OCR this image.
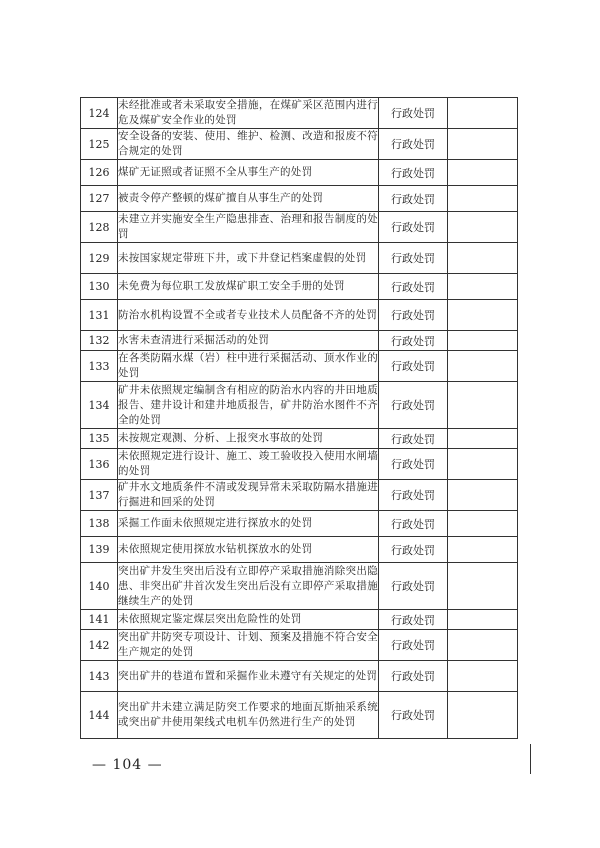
124	未经批准或者未采取安全措施，在煤矿采区范围内进行危及煤矿安全作业的处罚	行政处罚	
125	安全设备的安装、使用、维护、检测、改造和报废不符合规定的处罚	行政处罚	
126	煤矿无证照或者证照不全从事生产的处罚	行政处罚	
127	被责令停产整顿的煤矿擅自从事生产的处罚	行政处罚	
128	未建立并实施安全生产隐患排查、治理和报告制度的处罚	行政处罚	
129	未按国家规定带班下井，或下井登记档案虚假的处罚	行政处罚	
130	未免费为每位职工发放煤矿职工安全手册的处罚	行政处罚	
131	防治水机构设置不全或者专业技术人员配备不齐的处罚	行政处罚	
132	水害未查清进行采掘活动的处罚	行政处罚	
133	在各类防隔水煤（岩）柱中进行采掘活动、顶水作业的处罚	行政处罚	
134	矿井未依照规定编制含有相应的防治水内容的井田地质报告、建井设计和建井地质报告，矿井防治水图件不齐全的处罚	行政处罚	
135	未按规定观测、分析、上报突水事故的处罚	行政处罚	
136	未依照规定进行设计、施工、竣工验收投入使用水闸墙的处罚	行政处罚	
137	矿井水文地质条件不清或发现异常未采取防隔水措施进行掘进和回采的处罚	行政处罚	
138	采掘工作面未依照规定进行探放水的处罚	行政处罚	
139	未依照规定使用探放水钻机探放水的处罚	行政处罚	
140	突出矿井发生突出后没有立即停产采取措施消除突出隐患、非突出矿井首次发生突出后没有立即停产采取措施继续生产的处罚	行政处罚	
141	未依照规定鉴定煤层突出危险性的处罚	行政处罚	
142	突出矿井防突专项设计、计划、预案及措施不符合安全生产规定的处罚	行政处罚	
143	突出矿井的巷道布置和采掘作业未遵守有关规定的处罚	行政处罚	
144	突出矿井未建立满足防突工作要求的地面瓦斯抽采系统或突出矿井使用架线式电机车仍然进行生产的处罚	行政处罚	
— 104 —
